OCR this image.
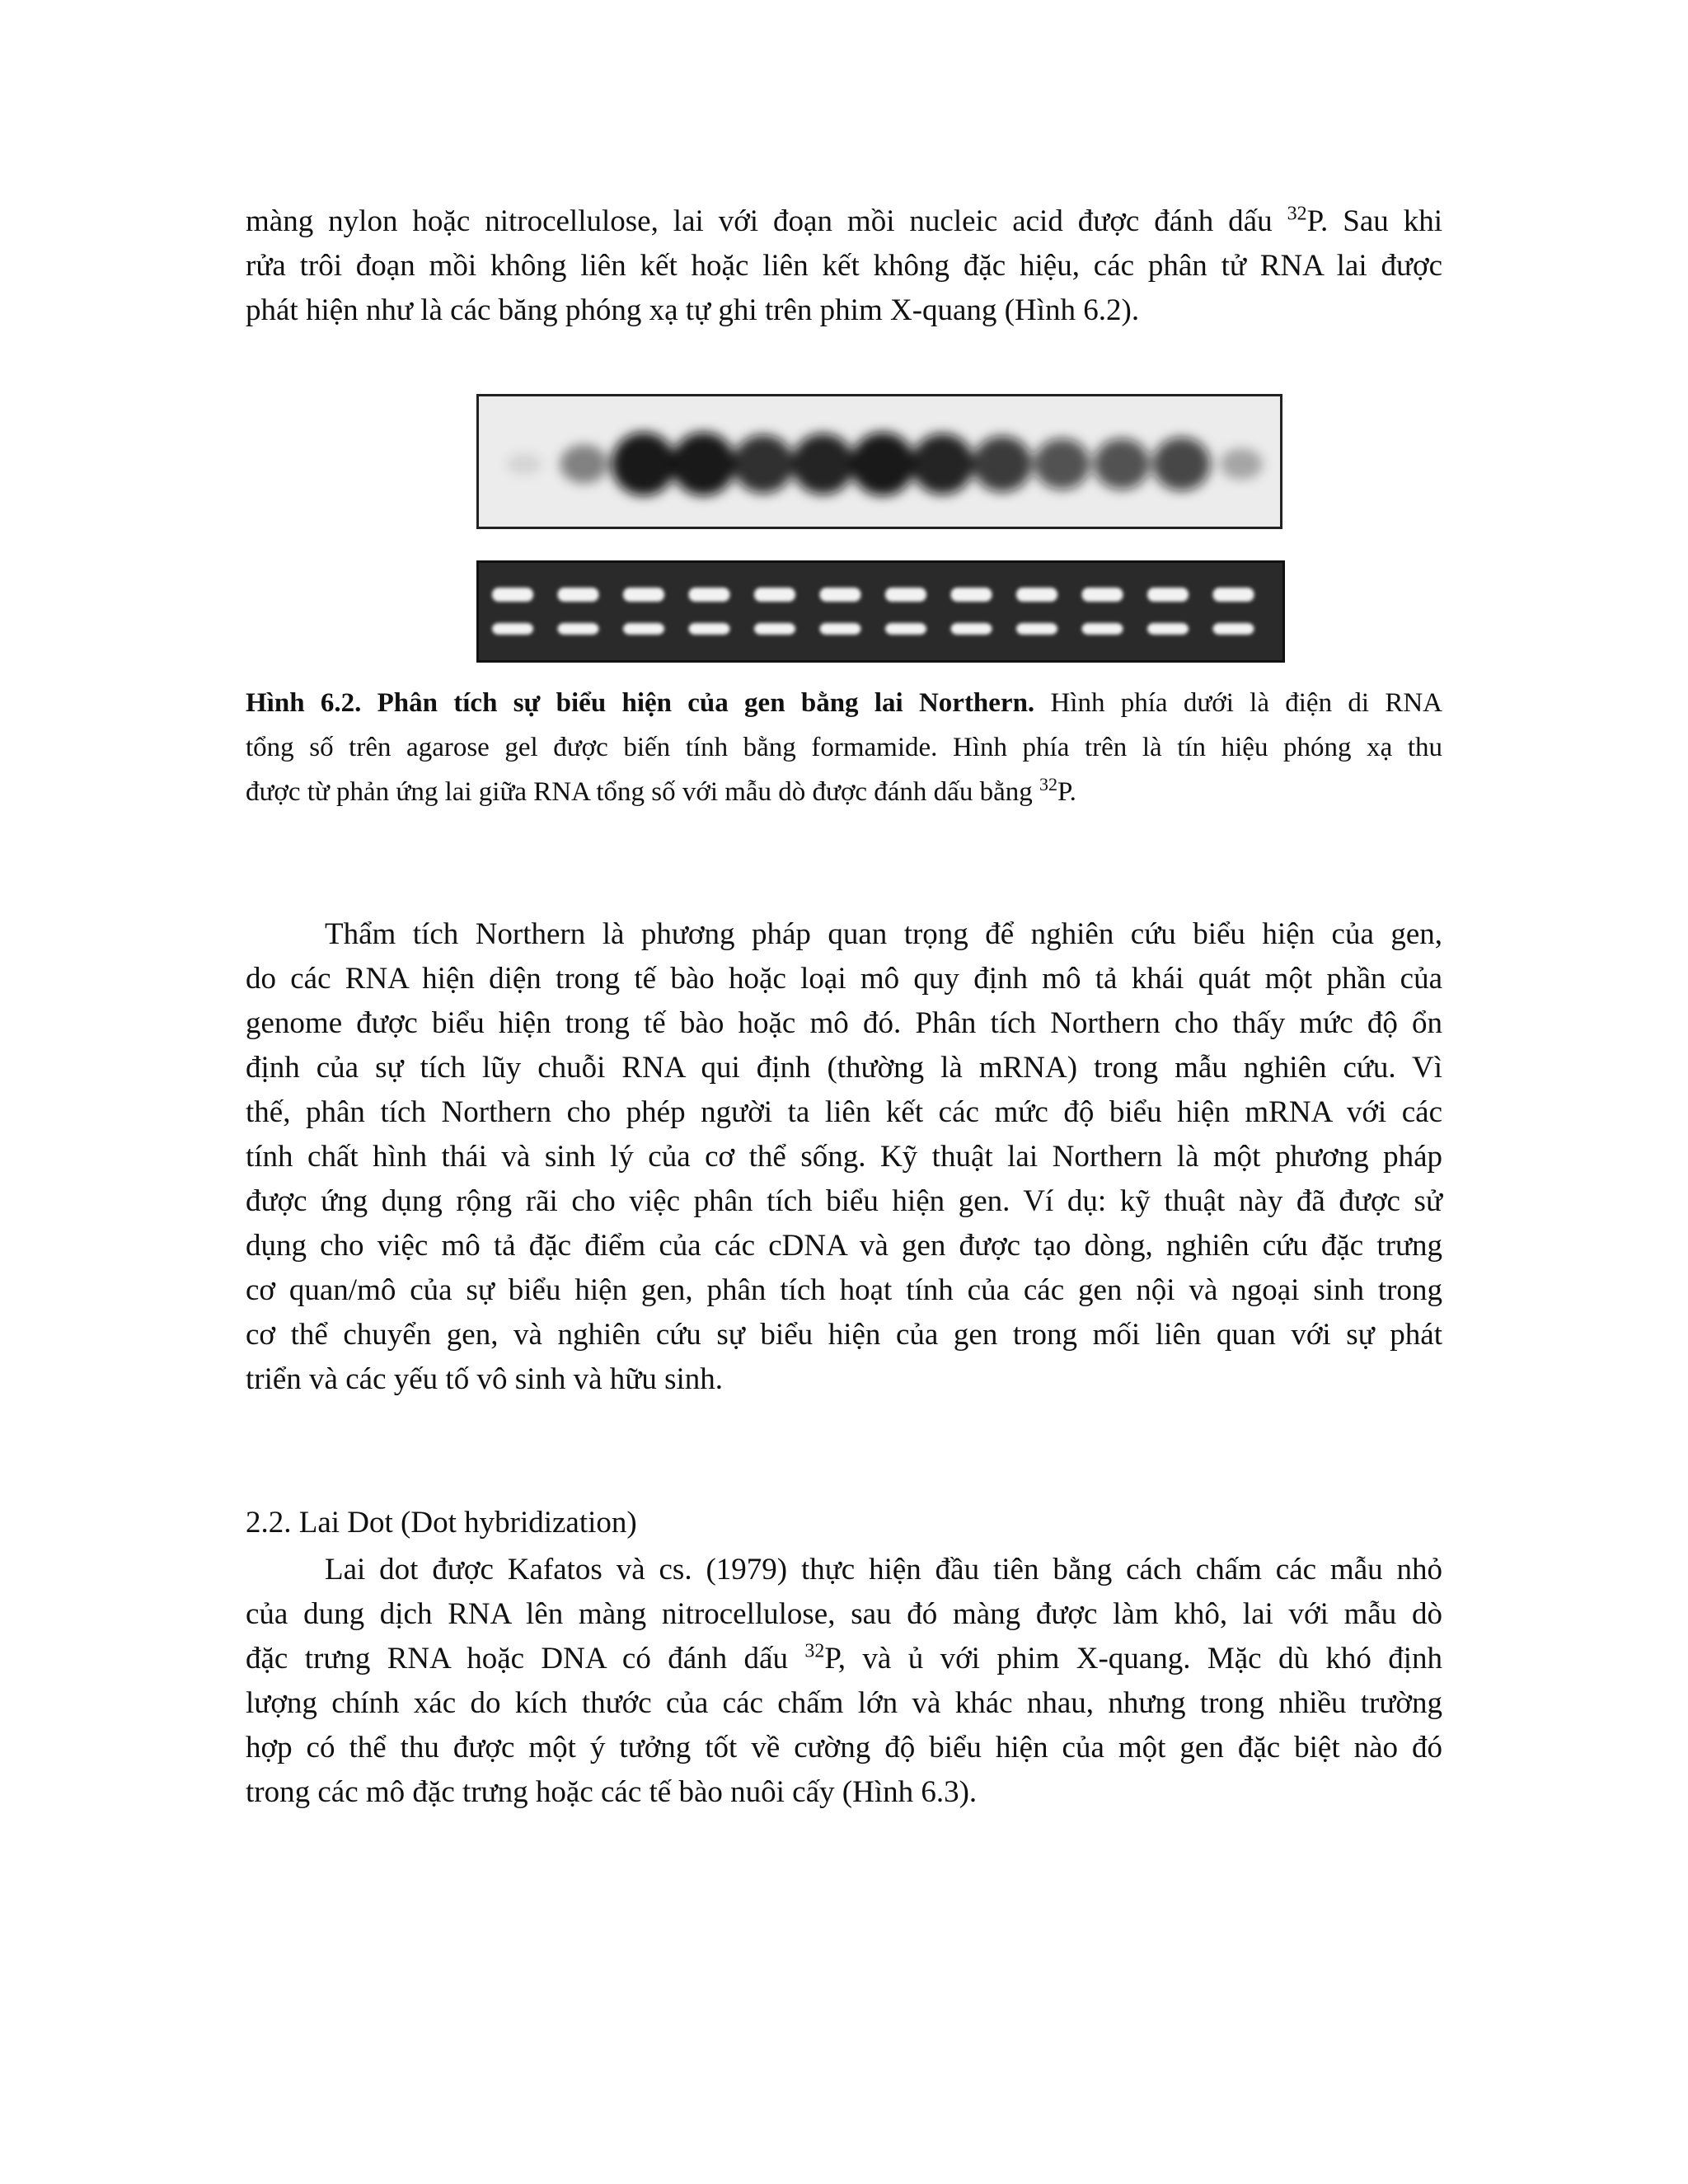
màng nylon hoặc nitrocellulose, lai với đoạn mồi nucleic acid được đánh dấu $^{32}$P. Sau khi
rửa trôi đoạn mồi không liên kết hoặc liên kết không đặc hiệu, các phân tử RNA lai được
phát hiện như là các băng phóng xạ tự ghi trên phim X-quang (Hình 6.2).
Hình 6.2. Phân tích sự biểu hiện của gen bằng lai Northern. Hình phía dưới là điện di RNA
tổng số trên agarose gel được biến tính bằng formamide. Hình phía trên là tín hiệu phóng xạ thu
được từ phản ứng lai giữa RNA tổng số với mẫu dò được đánh dấu bằng $^{32}$P.
Thẩm tích Northern là phương pháp quan trọng để nghiên cứu biểu hiện của gen,
do các RNA hiện diện trong tế bào hoặc loại mô quy định mô tả khái quát một phần của
genome được biểu hiện trong tế bào hoặc mô đó. Phân tích Northern cho thấy mức độ ổn
định của sự tích lũy chuỗi RNA qui định (thường là mRNA) trong mẫu nghiên cứu. Vì
thế, phân tích Northern cho phép người ta liên kết các mức độ biểu hiện mRNA với các
tính chất hình thái và sinh lý của cơ thể sống. Kỹ thuật lai Northern là một phương pháp
được ứng dụng rộng rãi cho việc phân tích biểu hiện gen. Ví dụ: kỹ thuật này đã được sử
dụng cho việc mô tả đặc điểm của các cDNA và gen được tạo dòng, nghiên cứu đặc trưng
cơ quan/mô của sự biểu hiện gen, phân tích hoạt tính của các gen nội và ngoại sinh trong
cơ thể chuyển gen, và nghiên cứu sự biểu hiện của gen trong mối liên quan với sự phát
triển và các yếu tố vô sinh và hữu sinh.
2.2. Lai Dot (Dot hybridization)
Lai dot được Kafatos và cs. (1979) thực hiện đầu tiên bằng cách chấm các mẫu nhỏ
của dung dịch RNA lên màng nitrocellulose, sau đó màng được làm khô, lai với mẫu dò
đặc trưng RNA hoặc DNA có đánh dấu $^{32}$P, và ủ với phim X-quang. Mặc dù khó định
lượng chính xác do kích thước của các chấm lớn và khác nhau, nhưng trong nhiều trường
hợp có thể thu được một ý tưởng tốt về cường độ biểu hiện của một gen đặc biệt nào đó
trong các mô đặc trưng hoặc các tế bào nuôi cấy (Hình 6.3).
